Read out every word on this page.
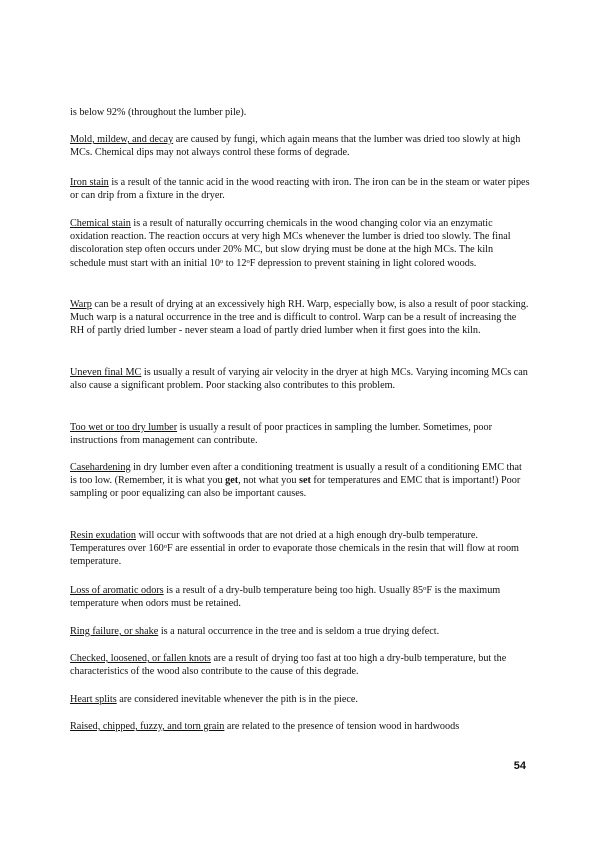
is below 92% (throughout the lumber pile).

Mold, mildew, and decay are caused by fungi, which again means that the lumber was dried too slowly at high MCs. Chemical dips may not always control these forms of degrade.

Iron stain is a result of the tannic acid in the wood reacting with iron. The iron can be in the steam or water pipes or can drip from a fixture in the dryer.

Chemical stain is a result of naturally occurring chemicals in the wood changing color via an enzymatic oxidation reaction. The reaction occurs at very high MCs whenever the lumber is dried too slowly. The final discoloration step often occurs under 20% MC, but slow drying must be done at the high MCs. The kiln schedule must start with an initial 10$^o$ to 12$^o$F depression to prevent staining in light colored woods.

Warp can be a result of drying at an excessively high RH. Warp, especially bow, is also a result of poor stacking. Much warp is a natural occurrence in the tree and is difficult to control. Warp can be a result of increasing the RH of partly dried lumber - never steam a load of partly dried lumber when it first goes into the kiln.

Uneven final MC is usually a result of varying air velocity in the dryer at high MCs. Varying incoming MCs can also cause a significant problem. Poor stacking also contributes to this problem.

Too wet or too dry lumber is usually a result of poor practices in sampling the lumber. Sometimes, poor instructions from management can contribute.

Casehardening in dry lumber even after a conditioning treatment is usually a result of a conditioning EMC that is too low. (Remember, it is what you get, not what you set for temperatures and EMC that is important!) Poor sampling or poor equalizing can also be important causes.

Resin exudation will occur with softwoods that are not dried at a high enough dry-bulb temperature. Temperatures over 160$^o$F are essential in order to evaporate those chemicals in the resin that will flow at room temperature.

Loss of aromatic odors is a result of a dry-bulb temperature being too high. Usually 85$^o$F is the maximum temperature when odors must be retained.

Ring failure, or shake is a natural occurrence in the tree and is seldom a true drying defect.

Checked, loosened, or fallen knots are a result of drying too fast at too high a dry-bulb temperature, but the characteristics of the wood also contribute to the cause of this degrade.

Heart splits are considered inevitable whenever the pith is in the piece.

Raised, chipped, fuzzy, and torn grain are related to the presence of tension wood in hardwoods

54
